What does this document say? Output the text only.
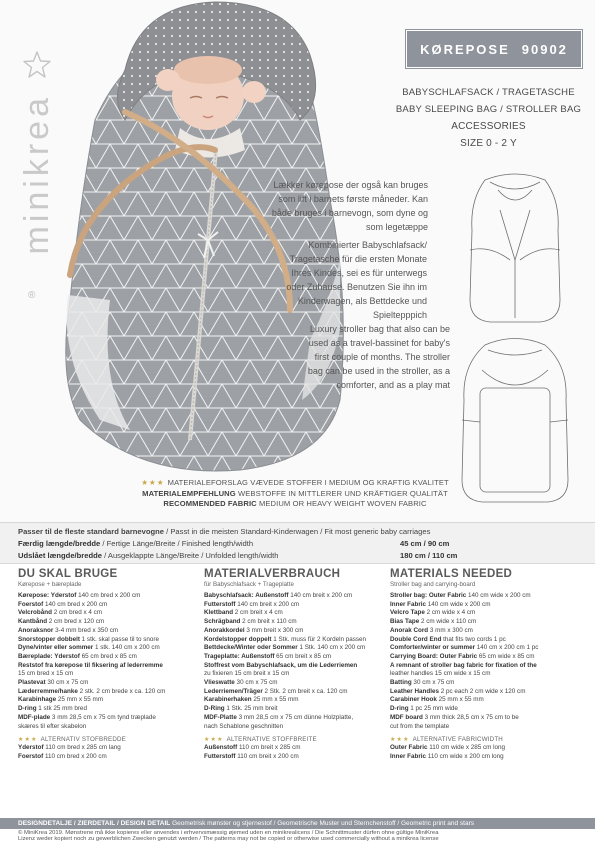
minikrea
®
KØREPOSE 90902
BABYSCHLAFSACK / TRAGETASCHE
BABY SLEEPING BAG / STROLLER BAG
ACCESSORIES
SIZE 0 - 2 Y
Lækker kørepose der også kan bruges som lift i barnets første måneder. Kan både bruges i barnevogn, som dyne og som legetæppe
Kombinierter Babyschlafsack/ Tragetasche für die ersten Monate Ihres Kindes, sei es für unterwegs oder Zuhause. Benutzen Sie ihn im Kinderwagen, als Bettdecke und Spieltepppich
Luxury stroller bag that also can be used as a travel-bassinet for baby's first couple of months. The stroller bag can be used in the stroller, as a comforter, and as a play mat
★★★ MATERIALEFORSLAG VÆVEDE STOFFER I MEDIUM OG KRAFTIG KVALITET
MATERIALEMPFEHLUNG WEBSTOFFE IN MITTLERER UND KRÄFTIGER QUALITÄT
RECOMMENDED FABRIC MEDIUM OR HEAVY WEIGHT WOVEN FABRIC
Passer til de fleste standard barnevogne / Passt in die meisten Standard-Kinderwagen / Fit most generic baby carriages
Færdig længde/bredde / Fertige Länge/Breite / Finished length/width	45 cm / 90 cm
Udslået længde/bredde / Ausgeklappte Länge/Breite / Unfolded length/width	180 cm / 110 cm
DU SKAL BRUGE
Kørepose + bæreplade
Kørepose: Yderstof 140 cm bred x 200 cm
Foerstof 140 cm bred x 200 cm
Velcrobånd 2 cm bred x 4 cm
Kantbånd 2 cm bred x 120 cm
Anoraksnor 3-4 mm bred x 350 cm
Snorstopper dobbelt 1 stk. skal passe til to snore
Dyne/vinter eller sommer 1 stk. 140 cm x 200 cm
Bæreplade: Yderstof 65 cm bred x 85 cm
Reststof fra kørepose til fiksering af lederremme
15 cm bred x 15 cm
Plastevat 30 cm x 75 cm
Læderremme/hanke 2 stk. 2 cm brede x ca. 120 cm
Karabinhage 25 mm x 55 mm
D-ring 1 stk 25 mm bred
MDF-plade 3 mm 28,5 cm x 75 cm tynd træplade
skæres til efter skabelon
★★★ ALTERNATIV STOFBREDDE
Yderstof 110 cm bred x 285 cm lang
Foerstof 110 cm bred x 200 cm
MATERIALVERBRAUCH
für Babyschlafsack + Trageplatte
Babyschlafsack: Außenstoff 140 cm breit x 200 cm
Futterstoff 140 cm breit x 200 cm
Klettband 2 cm breit x 4 cm
Schrägband 2 cm breit x 110 cm
Anorakkordel 3 mm breit x 300 cm
Kordelstopper doppelt 1 Stk. muss für 2 Kordeln passen
Bettdecke/Winter oder Sommer 1 Stk. 140 cm x 200 cm
Trageplatte: Außenstoff 65 cm breit x 85 cm
Stoffrest vom Babyschlafsack, um die Lederriemen
zu fixieren 15 cm breit x 15 cm
Vlieswatte 30 cm x 75 cm
Lederriemen/Träger 2 Stk. 2 cm breit x ca. 120 cm
Karabinerhaken 25 mm x 55 mm
D-Ring 1 Stk. 25 mm breit
MDF-Platte 3 mm 28,5 cm x 75 cm dünne Holzplatte,
nach Schablone geschnitten
★★★ ALTERNATIVE STOFFBREITE
Außenstoff 110 cm breit x 285 cm
Futterstoff 110 cm breit x 200 cm
MATERIALS NEEDED
Stroller bag and carrying-board
Stroller bag: Outer Fabric 140 cm wide x 200 cm
Inner Fabric 140 cm wide x 200 cm
Velcro Tape 2 cm wide x 4 cm
Bias Tape 2 cm wide x 110 cm
Anorak Cord 3 mm x 300 cm
Double Cord End that fits two cords 1 pc
Comforter/winter or summer 140 cm x 200 cm 1 pc
Carrying Board: Outer Fabric 65 cm wide x 85 cm
A remnant of stroller bag fabric for fixation of the
leather handles 15 cm wide x 15 cm
Batting 30 cm x 75 cm
Leather Handles 2 pc each 2 cm wide x 120 cm
Carabiner Hook 25 mm x 55 mm
D-ring 1 pc 25 mm wide
MDF board 3 mm thick 28,5 cm x 75 cm to be
cut from the template
★★★ ALTERNATIVE FABRICWIDTH
Outer Fabric 110 cm wide x 285 cm long
Inner Fabric 110 cm wide x 200 cm long
DESIGNDETALJE / ZIERDETAIL / DESIGN DETAIL Geometrisk mønster og stjernestof / Geometrische Muster und Sternchenstoff / Geometric print and stars
© MiniKrea 2019. Mønstrene må ikke kopieres eller anvendes i erhvervsmæssig øjemed uden en minikrealicens / Die Schnittmuster dürfen ohne gültige MiniKrea
Lizenz weder kopiert noch zu gewerblichen Zwecken genutzt werden / The patterns may not be copied or otherwise used commercially without a minikrea license
